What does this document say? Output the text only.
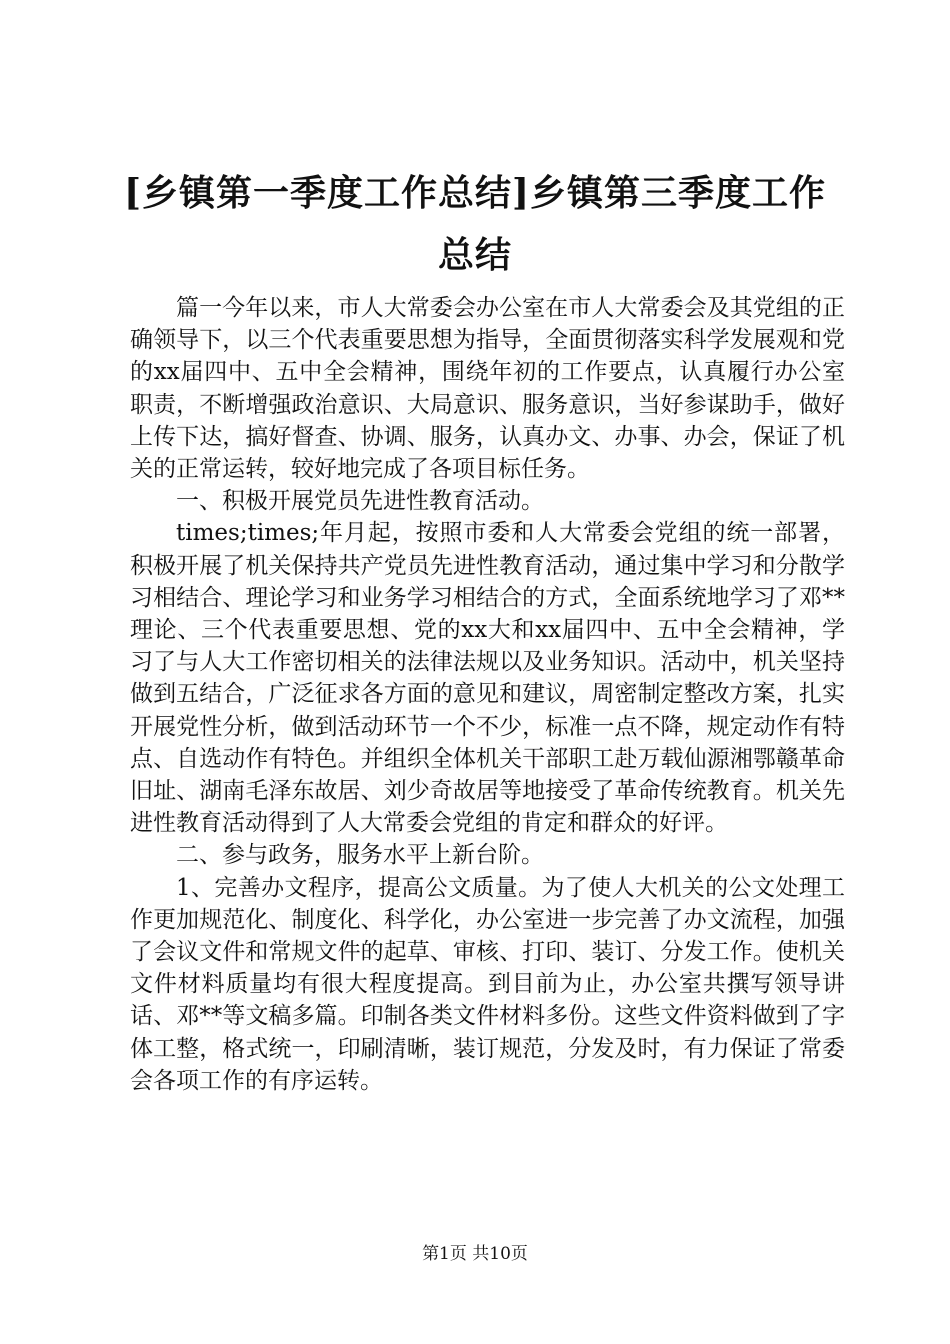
[乡镇第一季度工作总结]乡镇第三季度工作总结

篇一今年以来，市人大常委会办公室在市人大常委会及其党组的正确领导下，以三个代表重要思想为指导，全面贯彻落实科学发展观和党的xx届四中、五中全会精神，围绕年初的工作要点，认真履行办公室职责，不断增强政治意识、大局意识、服务意识，当好参谋助手，做好上传下达，搞好督查、协调、服务，认真办文、办事、办会，保证了机关的正常运转，较好地完成了各项目标任务。

一、积极开展党员先进性教育活动。

times;times;年月起，按照市委和人大常委会党组的统一部署，积极开展了机关保持共产党员先进性教育活动，通过集中学习和分散学习相结合、理论学习和业务学习相结合的方式，全面系统地学习了邓**理论、三个代表重要思想、党的xx大和xx届四中、五中全会精神，学习了与人大工作密切相关的法律法规以及业务知识。活动中，机关坚持做到五结合，广泛征求各方面的意见和建议，周密制定整改方案，扎实开展党性分析，做到活动环节一个不少，标准一点不降，规定动作有特点、自选动作有特色。并组织全体机关干部职工赴万载仙源湘鄂赣革命旧址、湖南毛泽东故居、刘少奇故居等地接受了革命传统教育。机关先进性教育活动得到了人大常委会党组的肯定和群众的好评。

二、参与政务，服务水平上新台阶。

1、完善办文程序，提高公文质量。为了使人大机关的公文处理工作更加规范化、制度化、科学化，办公室进一步完善了办文流程，加强了会议文件和常规文件的起草、审核、打印、装订、分发工作。使机关文件材料质量均有很大程度提高。到目前为止，办公室共撰写领导讲话、邓**等文稿多篇。印制各类文件材料多份。这些文件资料做到了字体工整，格式统一，印刷清晰，装订规范，分发及时，有力保证了常委会各项工作的有序运转。

第1页 共10页
